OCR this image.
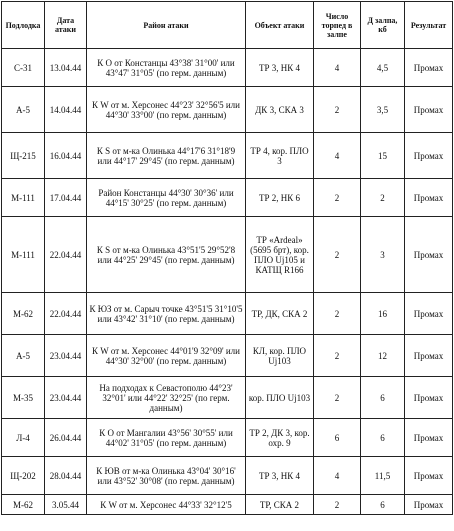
Подлодка	Дата атаки	Район атаки	Объект атаки	Число торпед в залпе	Д залпа, кб	Результат
С-31	13.04.44	К О от Констанцы 43°38' 31°00' или 43°47' 31°05' (по герм. данным)	ТР 3, НК 4	4	4,5	Промах
А-5	14.04.44	К W от м. Херсонес 44°23' 32°56'5 или 44°30' 33°00' (по герм. данным)	ДК 3, СКА 3	2	3,5	Промах
Щ-215	16.04.44	К S от м-ка Олинька 44°17'6 31°18'9 или 44°17' 29°45' (по герм. данным)	ТР 4, кор. ПЛО 3	4	15	Промах
М-111	17.04.44	Район Констанцы 44°30' 30°36' или 44°15' 30°25' (по герм. данным)	ТР 2, НК 6	2	2	Промах
М-111	22.04.44	К S от м-ка Олинька 43°51'5 29°52'8 или 44°25' 29°45' (по герм. данным)	ТР «Ardeal» (5695 брт), кор. ПЛО Uj105 и КАТЩ R166	2	3	Промах
М-62	22.04.44	К ЮЗ от м. Сарыч точке 43°51'5 31°10'5 или 43°42' 31°10' (по герм. данным)	ТР, ДК, СКА 2	2	16	Промах
А-5	23.04.44	К W от м. Херсонес 44°01'9 32°09' или 44°30' 32°00' (по герм. данным)	КЛ, кор. ПЛО Uj103	2	12	Промах
М-35	23.04.44	На подходах к Севастополю 44°23' 32°01' или 44°22' 32°25' (по герм. данным)	кор. ПЛО Uj103	2	6	Промах
Л-4	26.04.44	К О от Мангалии 43°56' 30°55' или 44°02' 31°05' (по герм. данным)	ТР 2, ДК 3, кор. охр. 9	6	6	Промах
Щ-202	28.04.44	К ЮВ от м-ка Олинька 43°04' 30°16' или 43°52' 30°08' (по герм. данным)	ТР 3, НК 4	4	11,5	Промах
М-62	3.05.44	К W от м. Херсонес 44°33' 32°12'5	ТР, СКА 2	2	6	Промах
